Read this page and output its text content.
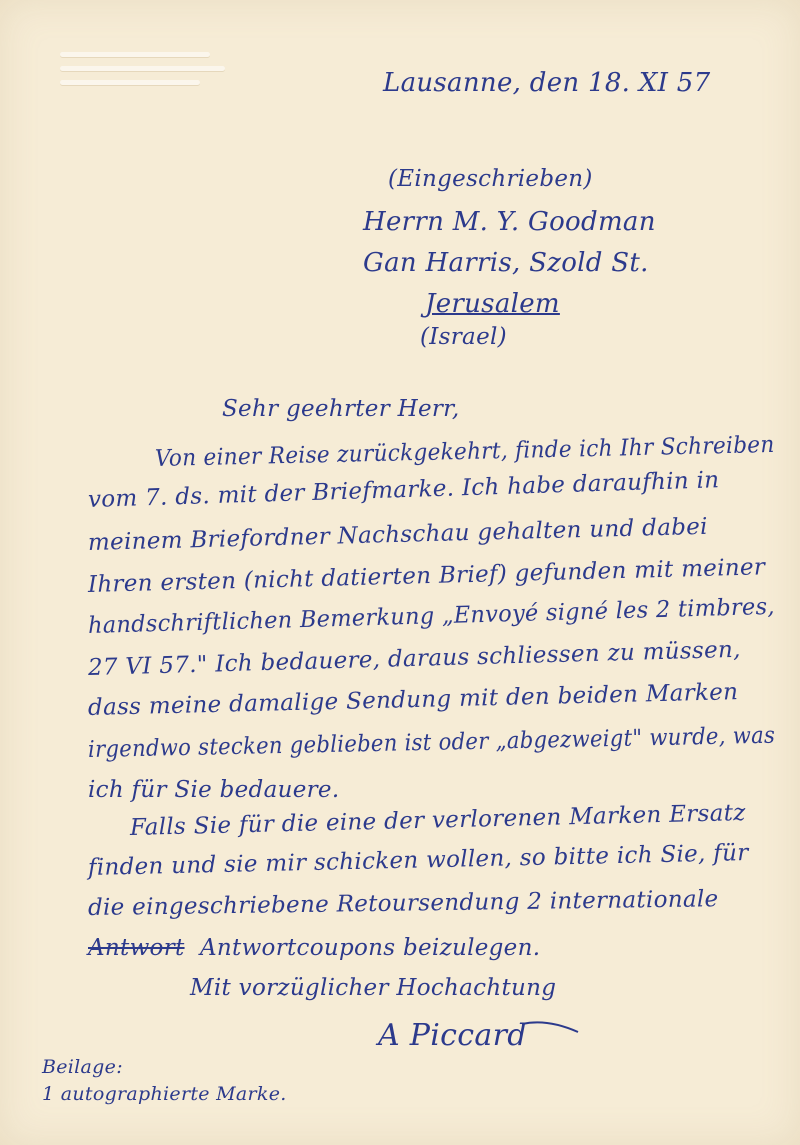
Lausanne, den 18. XI 57
(Eingeschrieben)
Herrn M. Y. Goodman
Gan Harris, Szold St.
Jerusalem
(Israel)
Sehr geehrter Herr,
Von einer Reise zurückgekehrt, finde ich Ihr Schreiben
vom 7. ds. mit der Briefmarke. Ich habe daraufhin in
meinem Briefordner Nachschau gehalten und dabei
Ihren ersten (nicht datierten Brief) gefunden mit meiner
handschriftlichen Bemerkung „Envoyé signé les 2 timbres,
27 VI 57." Ich bedauere, daraus schliessen zu müssen,
dass meine damalige Sendung mit den beiden Marken
irgendwo stecken geblieben ist oder „abgezweigt" wurde, was
ich für Sie bedauere.
Falls Sie für die eine der verlorenen Marken Ersatz
finden und sie mir schicken wollen, so bitte ich Sie, für
die eingeschriebene Retoursendung 2 internationale
Antwort Antwortcoupons beizulegen.
Mit vorzüglicher Hochachtung
A Piccard
Beilage:
1 autographierte Marke.
